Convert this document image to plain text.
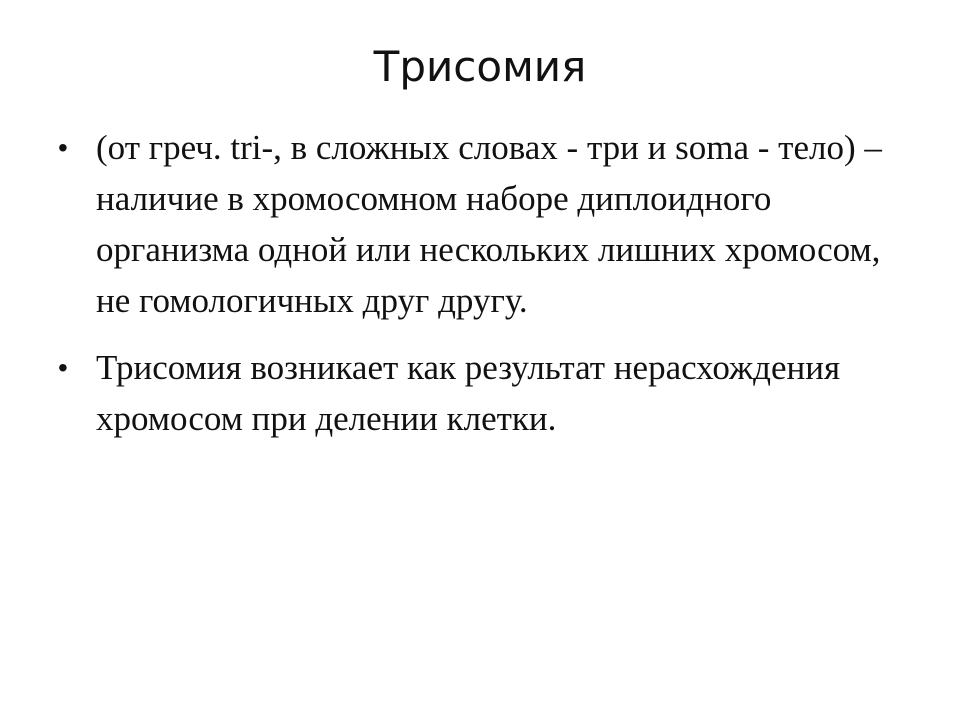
Трисомия
• (от греч. tri-, в сложных словах - три и soma - тело) – наличие в хромосомном наборе диплоидного организма одной или нескольких лишних хромосом, не гомологичных друг другу.
• Трисомия возникает как результат нерасхождения хромосом при делении клетки.
